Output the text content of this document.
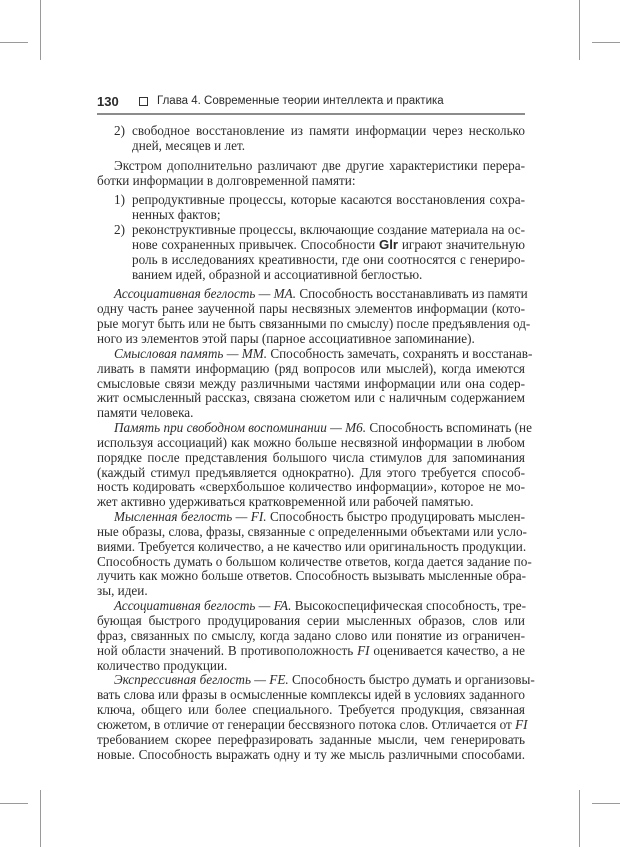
130	Глава 4. Современные теории интеллекта и практика
2) свободное восстановление из памяти информации через несколько
дней, месяцев и лет.
Экстром дополнительно различают две другие характеристики перера-
ботки информации в долговременной памяти:
1) репродуктивные процессы, которые касаются восстановления сохра-
ненных фактов;
2) реконструктивные процессы, включающие создание материала на ос-
нове сохраненных привычек. Способности Glr играют значительную
роль в исследованиях креативности, где они соотносятся с генериро-
ванием идей, образной и ассоциативной беглостью.
Ассоциативная беглость — MA. Способность восстанавливать из памяти
одну часть ранее заученной пары несвязных элементов информации (кото-
рые могут быть или не быть связанными по смыслу) после предъявления од-
ного из элементов этой пары (парное ассоциативное запоминание).
Смысловая память — MM. Способность замечать, сохранять и восстанав-
ливать в памяти информацию (ряд вопросов или мыслей), когда имеются
смысловые связи между различными частями информации или она содер-
жит осмысленный рассказ, связана сюжетом или с наличным содержанием
памяти человека.
Память при свободном воспоминании — M6. Способность вспоминать (не
используя ассоциаций) как можно больше несвязной информации в любом
порядке после представления большого числа стимулов для запоминания
(каждый стимул предъявляется однократно). Для этого требуется способ-
ность кодировать «сверхбольшое количество информации», которое не мо-
жет активно удерживаться кратковременной или рабочей памятью.
Мысленная беглость — FI. Способность быстро продуцировать мыслен-
ные образы, слова, фразы, связанные с определенными объектами или усло-
виями. Требуется количество, а не качество или оригинальность продукции.
Способность думать о большом количестве ответов, когда дается задание по-
лучить как можно больше ответов. Способность вызывать мысленные обра-
зы, идеи.
Ассоциативная беглость — FA. Высокоспецифическая способность, тре-
бующая быстрого продуцирования серии мысленных образов, слов или
фраз, связанных по смыслу, когда задано слово или понятие из ограничен-
ной области значений. В противоположность FI оценивается качество, а не
количество продукции.
Экспрессивная беглость — FE. Способность быстро думать и организовы-
вать слова или фразы в осмысленные комплексы идей в условиях заданного
ключа, общего или более специального. Требуется продукция, связанная
сюжетом, в отличие от генерации бессвязного потока слов. Отличается от FI
требованием скорее перефразировать заданные мысли, чем генерировать
новые. Способность выражать одну и ту же мысль различными способами.
